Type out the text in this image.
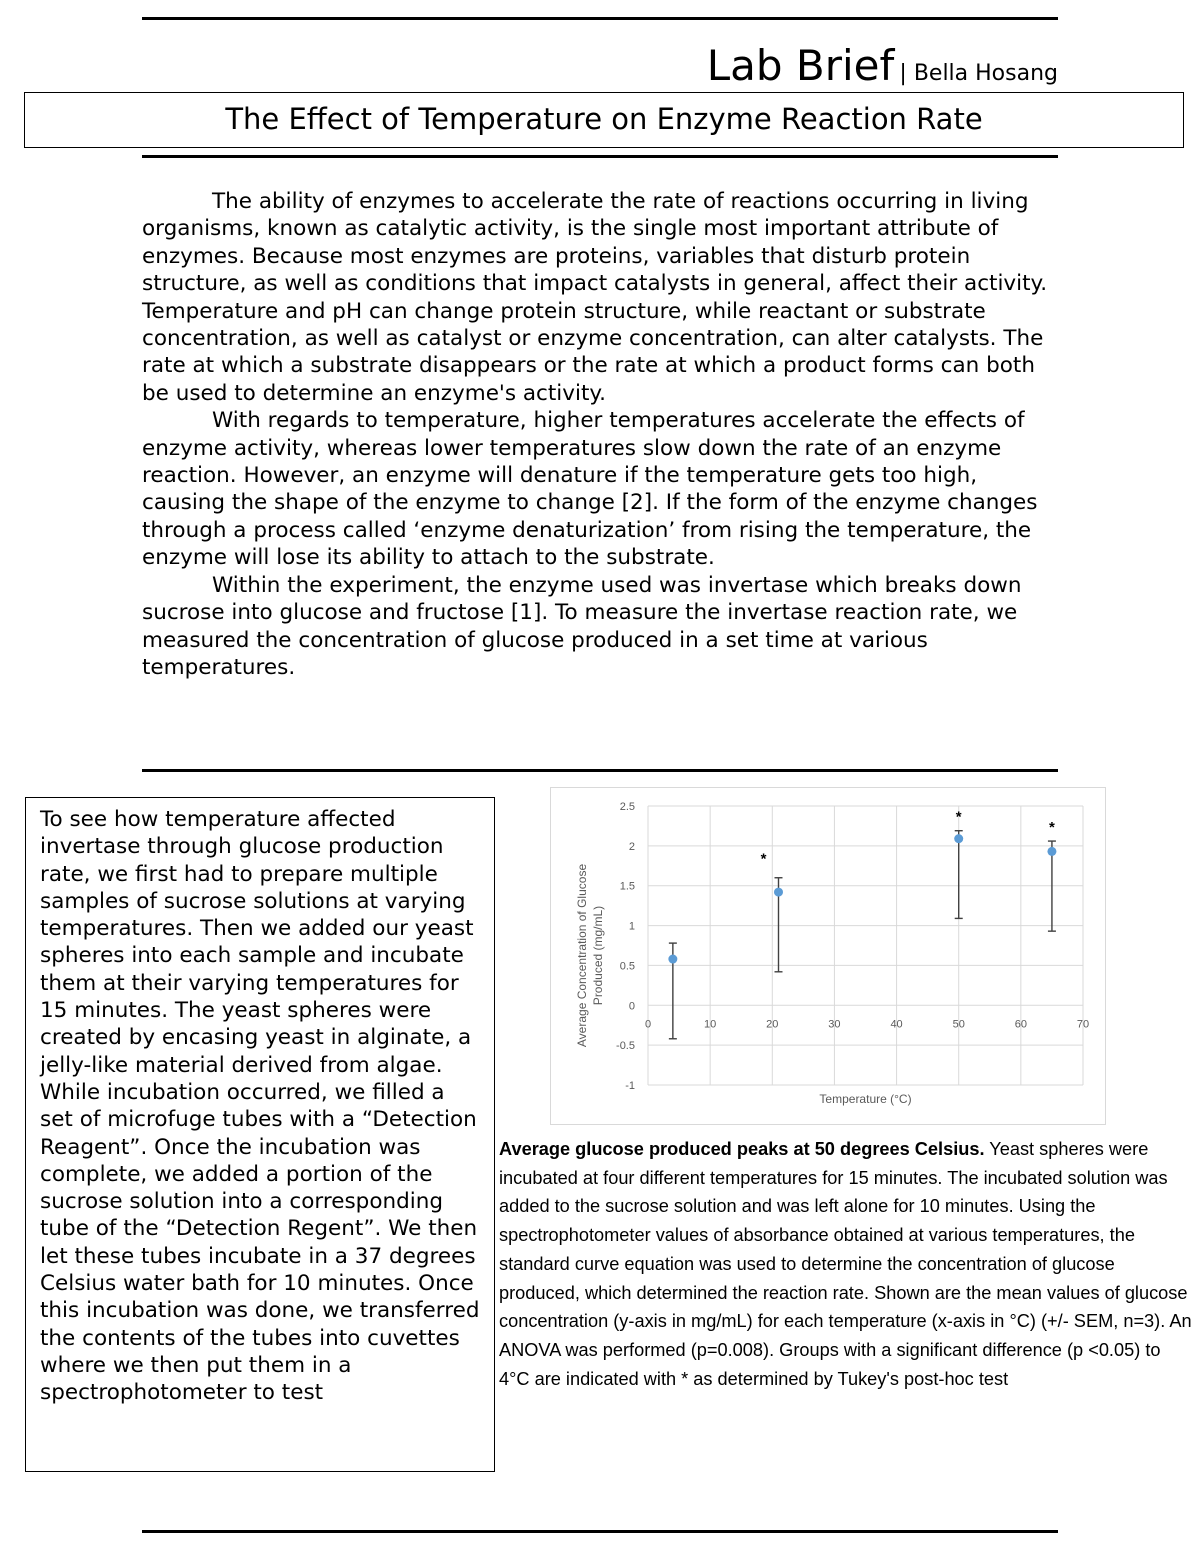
Lab Brief | Bella Hosang
The Effect of Temperature on Enzyme Reaction Rate

The ability of enzymes to accelerate the rate of reactions occurring in living organisms, known as catalytic activity, is the single most important attribute of enzymes. Because most enzymes are proteins, variables that disturb protein structure, as well as conditions that impact catalysts in general, affect their activity. Temperature and pH can change protein structure, while reactant or substrate concentration, as well as catalyst or enzyme concentration, can alter catalysts. The rate at which a substrate disappears or the rate at which a product forms can both be used to determine an enzyme's activity.

With regards to temperature, higher temperatures accelerate the effects of enzyme activity, whereas lower temperatures slow down the rate of an enzyme reaction. However, an enzyme will denature if the temperature gets too high, causing the shape of the enzyme to change [2]. If the form of the enzyme changes through a process called ‘enzyme denaturization’ from rising the temperature, the enzyme will lose its ability to attach to the substrate.

Within the experiment, the enzyme used was invertase which breaks down sucrose into glucose and fructose [1]. To measure the invertase reaction rate, we measured the concentration of glucose produced in a set time at various temperatures.

To see how temperature affected invertase through glucose production rate, we first had to prepare multiple samples of sucrose solutions at varying temperatures. Then we added our yeast spheres into each sample and incubate them at their varying temperatures for 15 minutes. The yeast spheres were created by encasing yeast in alginate, a jelly-like material derived from algae. While incubation occurred, we filled a set of microfuge tubes with a “Detection Reagent”. Once the incubation was complete, we added a portion of the sucrose solution into a corresponding tube of the “Detection Regent”. We then let these tubes incubate in a 37 degrees Celsius water bath for 10 minutes. Once this incubation was done, we transferred the contents of the tubes into cuvettes where we then put them in a spectrophotometer to test
2.5
2
1.5
1
0.5
0
-0.5
-1
0	10	20	30	40	50	60	70
*
*
*
Temperature (°C)
Average Concentration of Glucose Produced (mg/mL)
Average glucose produced peaks at 50 degrees Celsius. Yeast spheres were incubated at four different temperatures for 15 minutes. The incubated solution was added to the sucrose solution and was left alone for 10 minutes. Using the spectrophotometer values of absorbance obtained at various temperatures, the standard curve equation was used to determine the concentration of glucose produced, which determined the reaction rate. Shown are the mean values of glucose concentration (y-axis in mg/mL) for each temperature (x-axis in °C) (+/- SEM, n=3). An ANOVA was performed (p=0.008). Groups with a significant difference (p <0.05) to 4°C are indicated with * as determined by Tukey's post-hoc test
